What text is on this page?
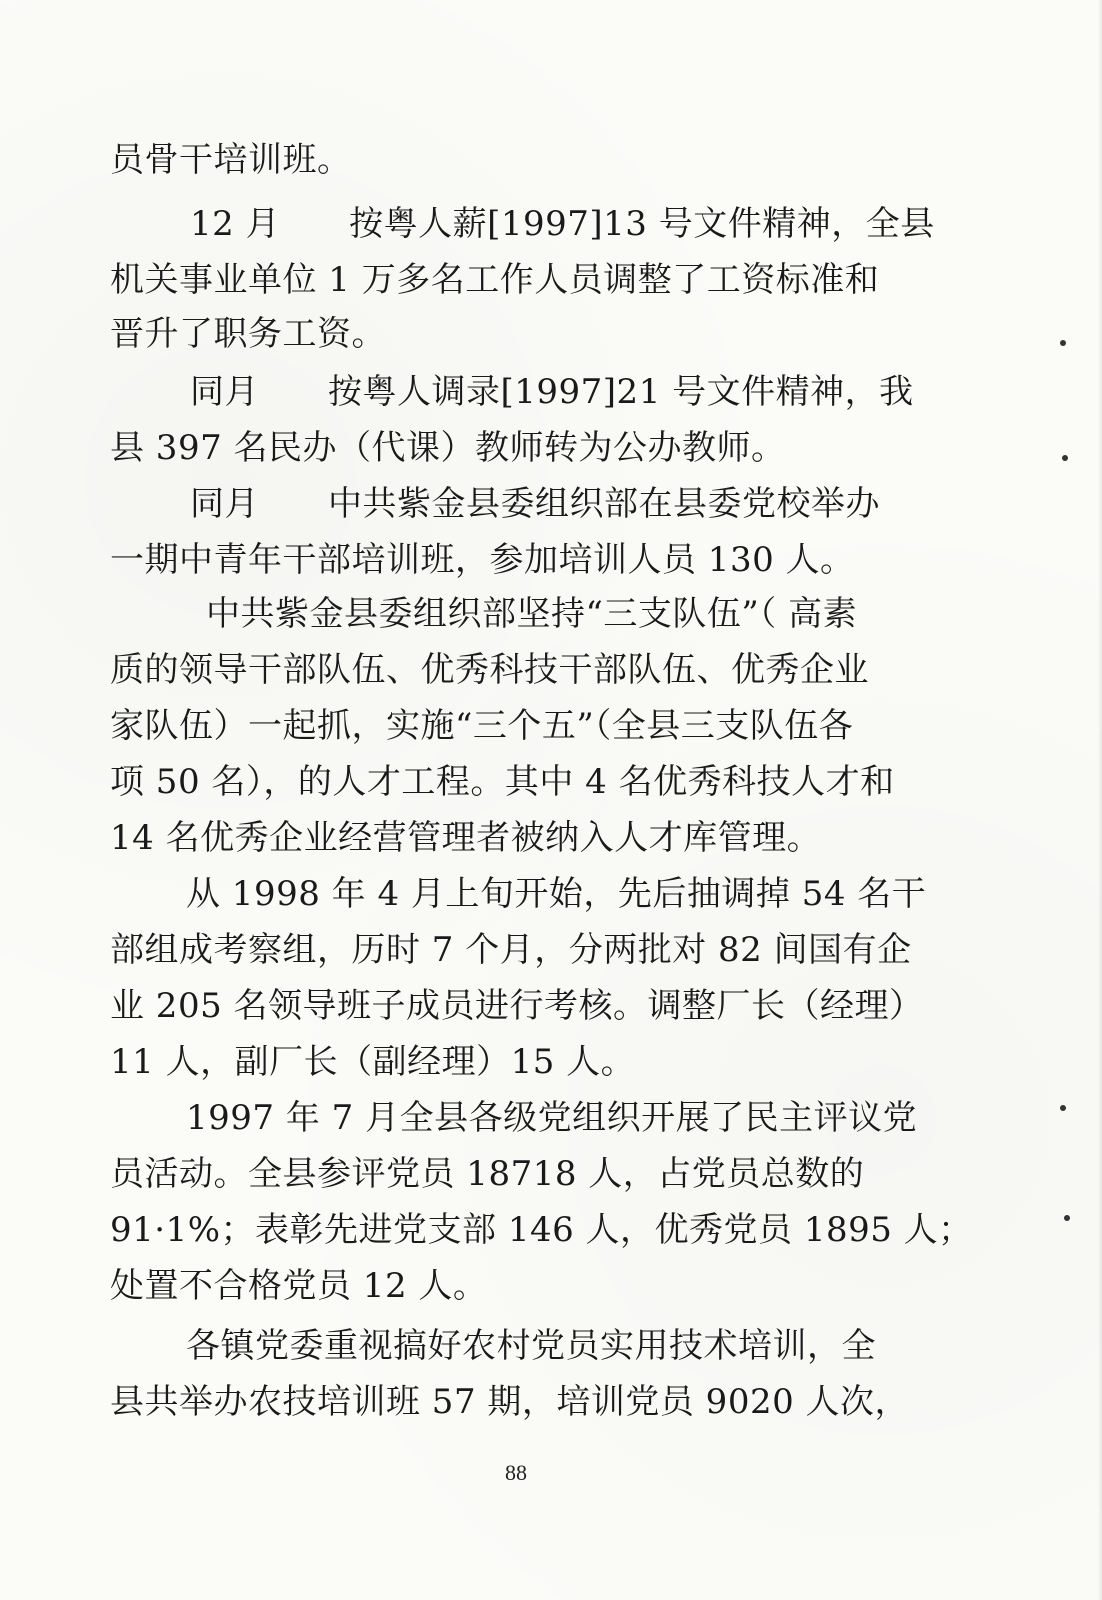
员骨干培训班。
12 月　　按粤人薪[1997]13 号文件精神，全县
机关事业单位 1 万多名工作人员调整了工资标准和
晋升了职务工资。
同月　　按粤人调录[1997]21 号文件精神，我
县 397 名民办（代课）教师转为公办教师。
同月　　中共紫金县委组织部在县委党校举办
一期中青年干部培训班，参加培训人员 130 人。
中共紫金县委组织部坚持“三支队伍”（ 高素
质的领导干部队伍、优秀科技干部队伍、优秀企业
家队伍）一起抓，实施“三个五”（全县三支队伍各
项 50 名），的人才工程。其中 4 名优秀科技人才和
14 名优秀企业经营管理者被纳入人才库管理。
从 1998 年 4 月上旬开始，先后抽调掉 54 名干
部组成考察组，历时 7 个月，分两批对 82 间国有企
业 205 名领导班子成员进行考核。调整厂长（经理）
11 人，副厂长（副经理）15 人。
1997 年 7 月全县各级党组织开展了民主评议党
员活动。全县参评党员 18718 人，占党员总数的
91·1%；表彰先进党支部 146 人，优秀党员 1895 人；
处置不合格党员 12 人。
各镇党委重视搞好农村党员实用技术培训，全
县共举办农技培训班 57 期，培训党员 9020 人次，
88
